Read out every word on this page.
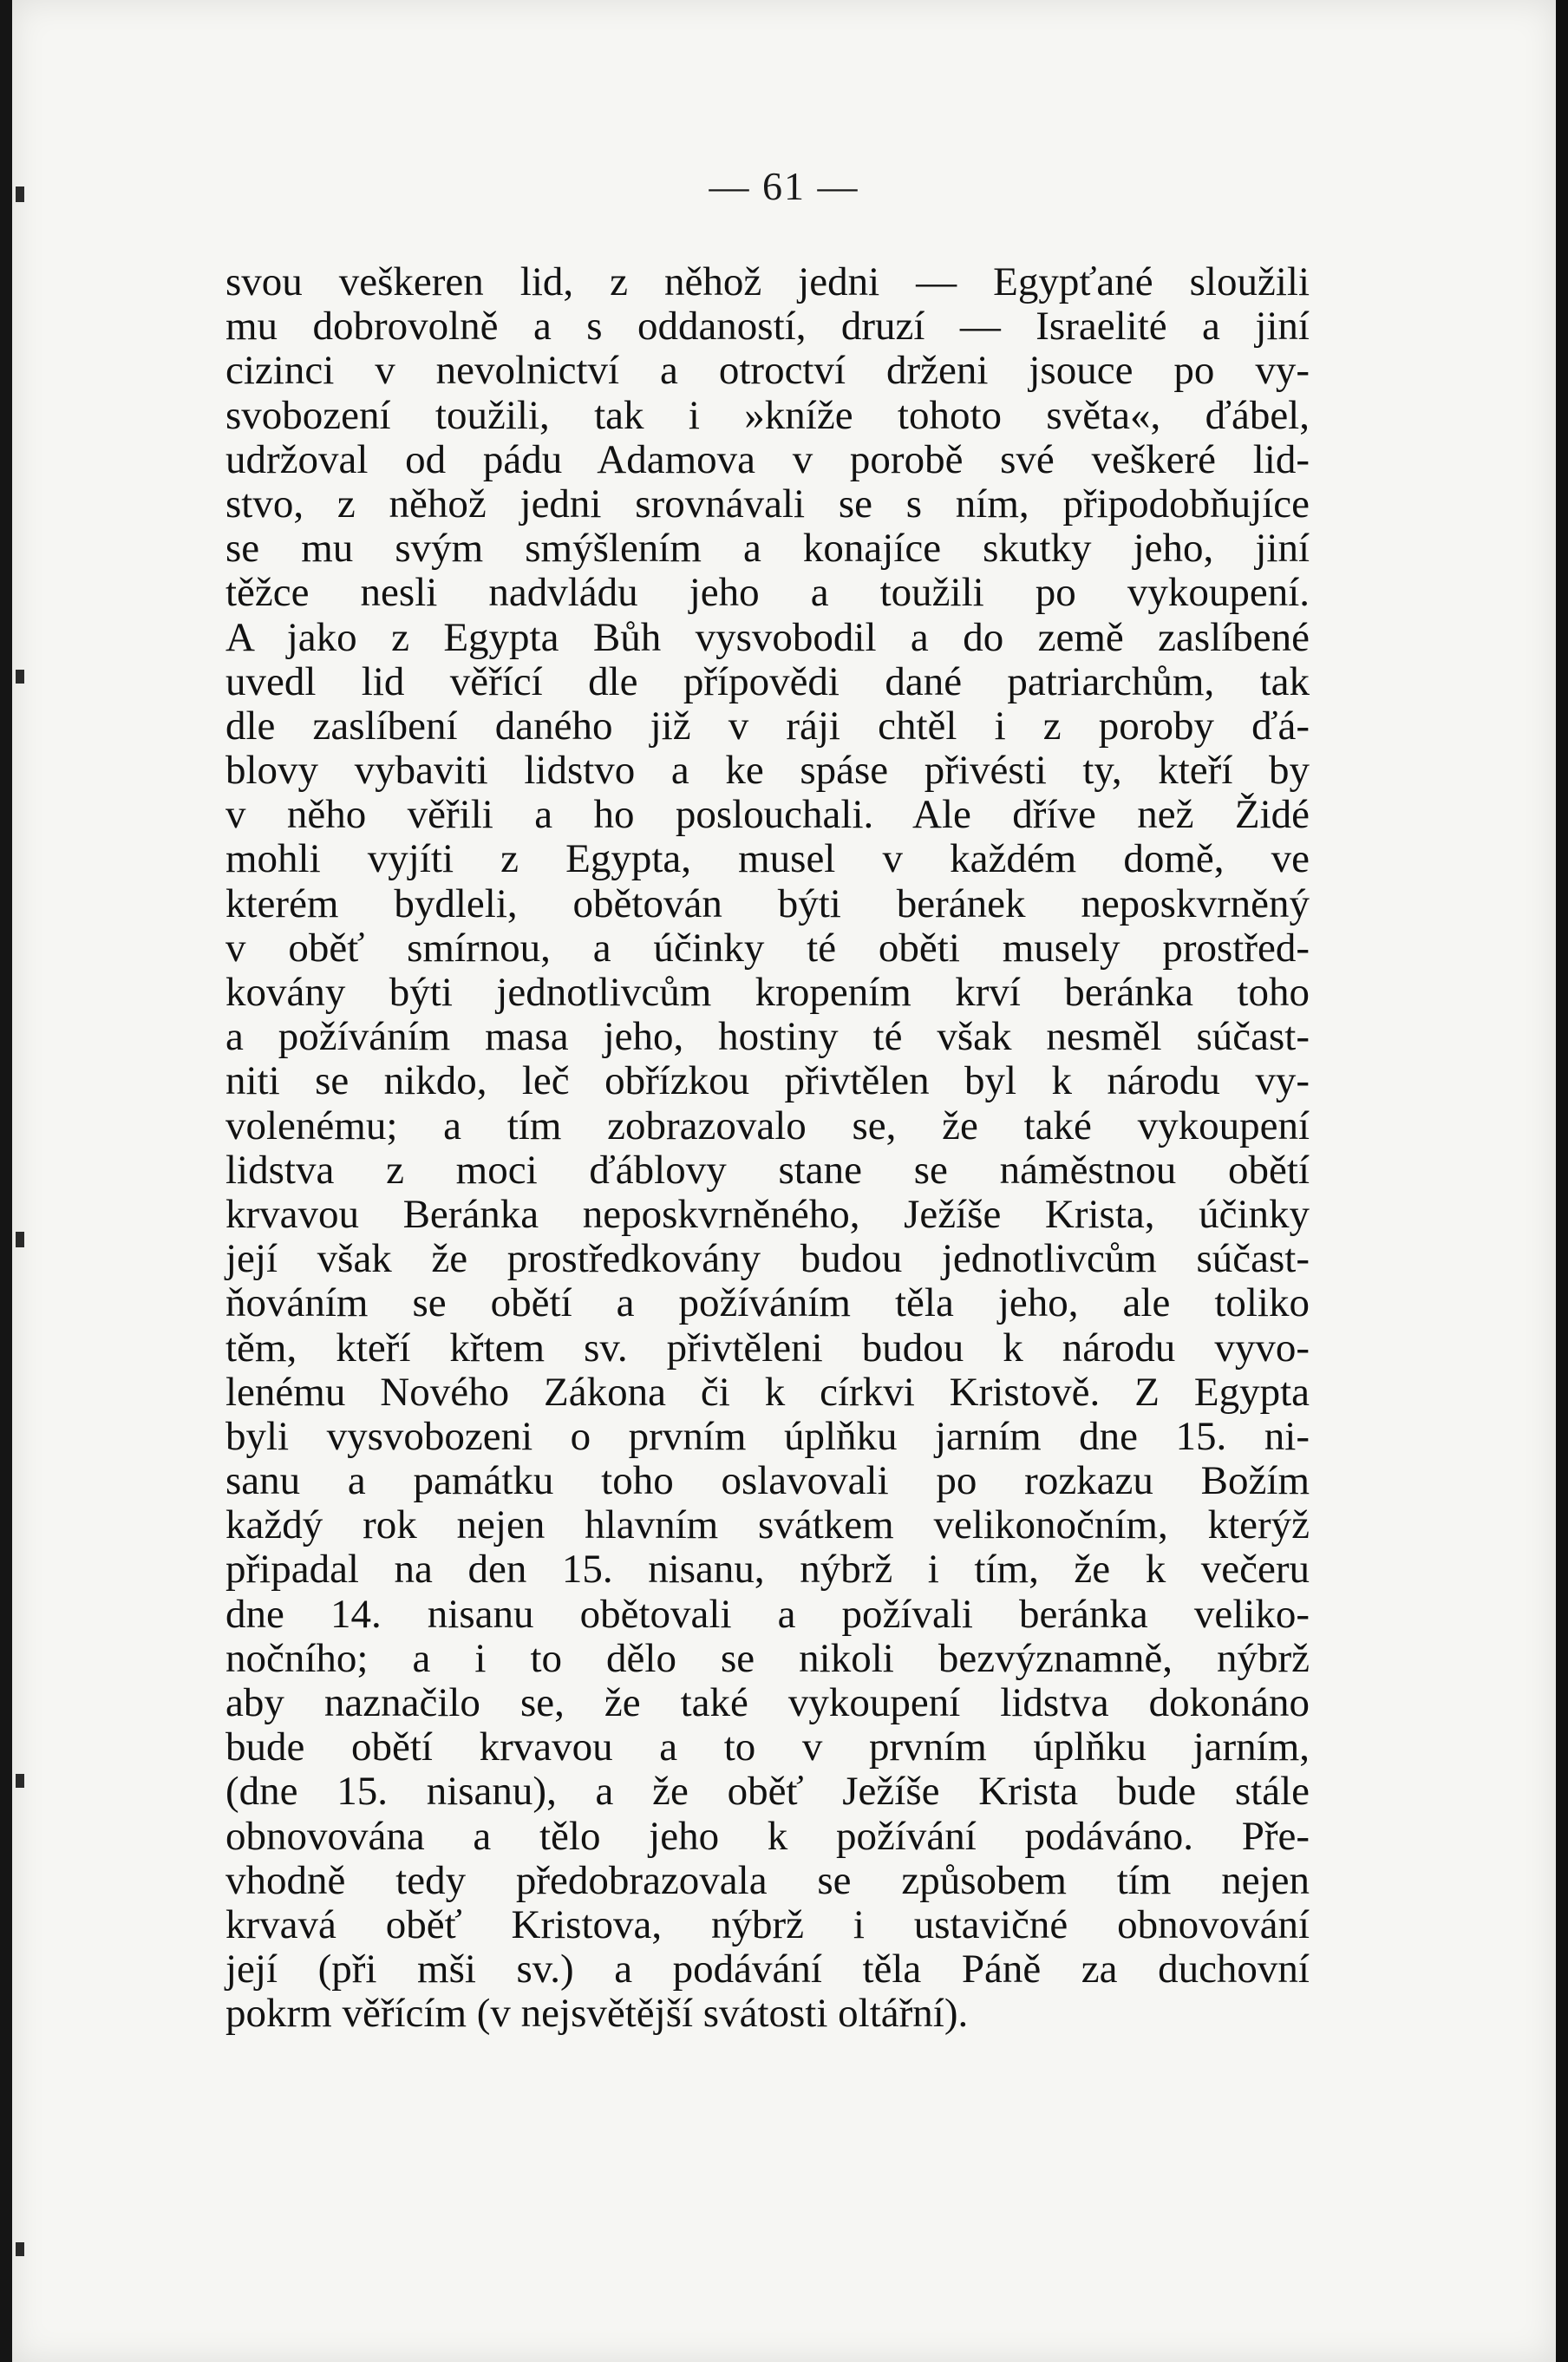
— 61 —
svou veškeren lid, z něhož jedni — Egypťané sloužili
mu dobrovolně a s oddaností, druzí — Israelité a jiní
cizinci v nevolnictví a otroctví drženi jsouce po vy-
svobození toužili, tak i »kníže tohoto světa«, ďábel,
udržoval od pádu Adamova v porobě své veškeré lid-
stvo, z něhož jedni srovnávali se s ním, připodobňujíce
se mu svým smýšlením a konajíce skutky jeho, jiní
těžce nesli nadvládu jeho a toužili po vykoupení.
A jako z Egypta Bůh vysvobodil a do země zaslíbené
uvedl lid věřící dle přípovědi dané patriarchům, tak
dle zaslíbení daného již v ráji chtěl i z poroby ďá-
blovy vybaviti lidstvo a ke spáse přivésti ty, kteří by
v něho věřili a ho poslouchali. Ale dříve než Židé
mohli vyjíti z Egypta, musel v každém domě, ve
kterém bydleli, obětován býti beránek neposkvrněný
v oběť smírnou, a účinky té oběti musely prostřed-
kovány býti jednotlivcům kropením krví beránka toho
a požíváním masa jeho, hostiny té však nesměl súčast-
niti se nikdo, leč obřízkou přivtělen byl k národu vy-
volenému; a tím zobrazovalo se, že také vykoupení
lidstva z moci ďáblovy stane se náměstnou obětí
krvavou Beránka neposkvrněného, Ježíše Krista, účinky
její však že prostředkovány budou jednotlivcům súčast-
ňováním se obětí a požíváním těla jeho, ale toliko
těm, kteří křtem sv. přivtěleni budou k národu vyvo-
lenému Nového Zákona či k církvi Kristově. Z Egypta
byli vysvobozeni o prvním úplňku jarním dne 15. ni-
sanu a památku toho oslavovali po rozkazu Božím
každý rok nejen hlavním svátkem velikonočním, kterýž
připadal na den 15. nisanu, nýbrž i tím, že k večeru
dne 14. nisanu obětovali a požívali beránka veliko-
nočního; a i to dělo se nikoli bezvýznamně, nýbrž
aby naznačilo se, že také vykoupení lidstva dokonáno
bude obětí krvavou a to v prvním úplňku jarním,
(dne 15. nisanu), a že oběť Ježíše Krista bude stále
obnovována a tělo jeho k požívání podáváno. Pře-
vhodně tedy předobrazovala se způsobem tím nejen
krvavá oběť Kristova, nýbrž i ustavičné obnovování
její (při mši sv.) a podávání těla Páně za duchovní
pokrm věřícím (v nejsvětější svátosti oltářní).
